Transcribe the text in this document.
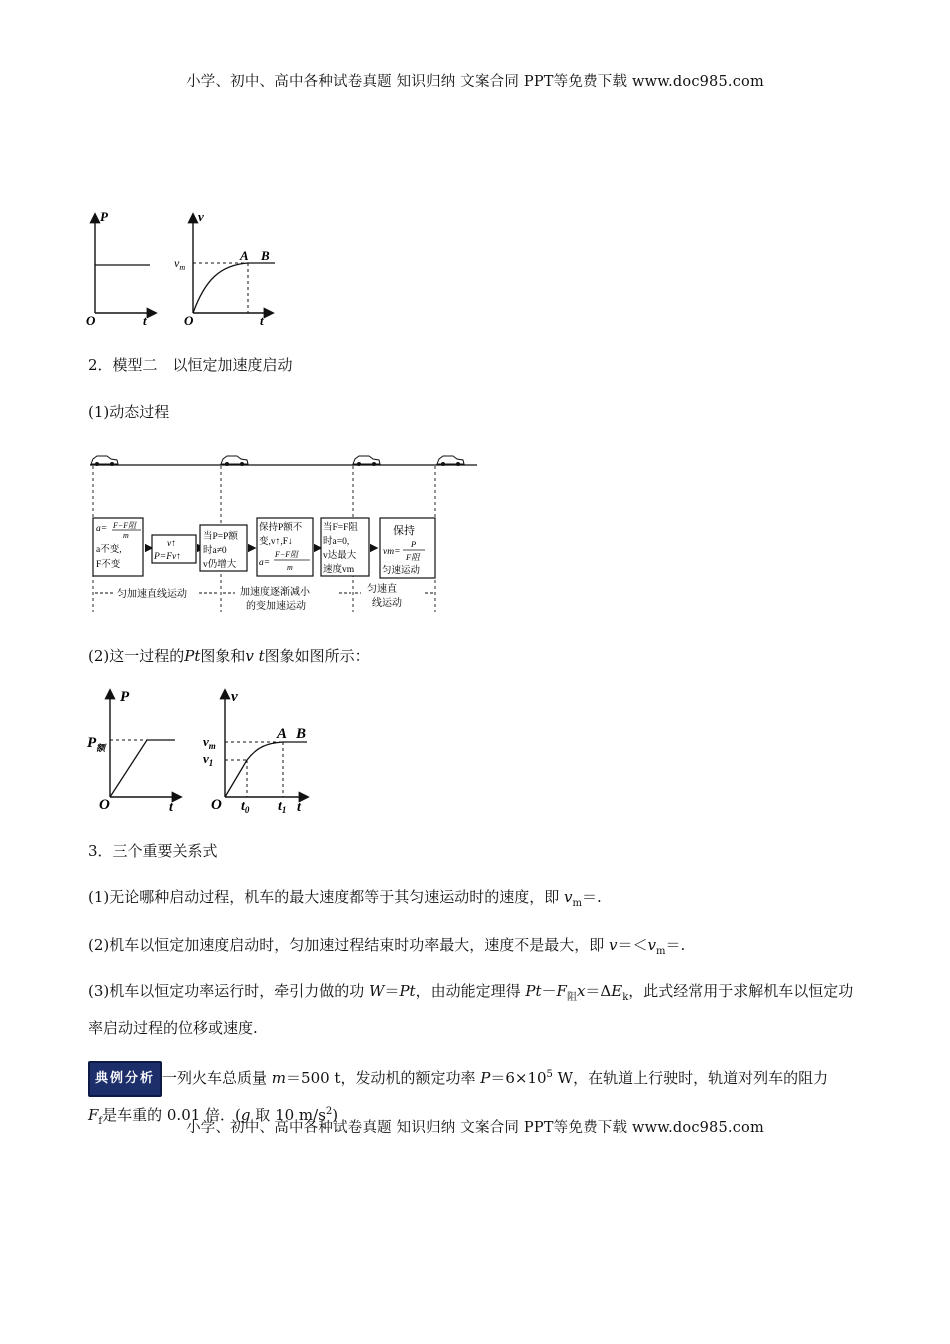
小学、初中、高中各种试卷真题 知识归纳 文案合同 PPT等免费下载 www.doc985.com
P
O	t
v
$v_m$
A B
O	t
2．模型二　以恒定加速度启动
(1)动态过程
a= F−F阻
m
a不变,
F不变
v↑
P=Fv↑
当P=P额
时a≠0
v仍增大
保持P额不
变,v↑,F↓
a=
F−F阻
m
当F=F阻
时a=0,
v达最大
速度vm
保持
vm=
P
F阻
匀速运动
匀加速直线运动	加速度逐渐减小
的变加速运动
匀速直
线运动
(2)这一过程的Pt图象和v t图象如图所示：
P
$P_额$
O	t
v
$v_m$
$v_1$
A B
O $t_0$ $t_1$ t
3．三个重要关系式
(1)无论哪种启动过程，机车的最大速度都等于其匀速运动时的速度，即 $v_m=$.
(2)机车以恒定加速度启动时，匀加速过程结束时功率最大，速度不是最大，即 $v=<v_m=$.
(3)机车以恒定功率运行时，牵引力做的功 W＝Pt，由动能定理得 $Pt-F_阻x=\Delta E_k$，此式经常用于求解机车以恒定功率启动过程的位移或速度.
典例分析 一列火车总质量 m＝500 t，发动机的额定功率 $P=6\times 10^5$ W，在轨道上行驶时，轨道对列车的阻力
$F_f$是车重的 0.01 倍．(g 取 10 $m/s^2$)
小学、初中、高中各种试卷真题 知识归纳 文案合同 PPT等免费下载 www.doc985.com
